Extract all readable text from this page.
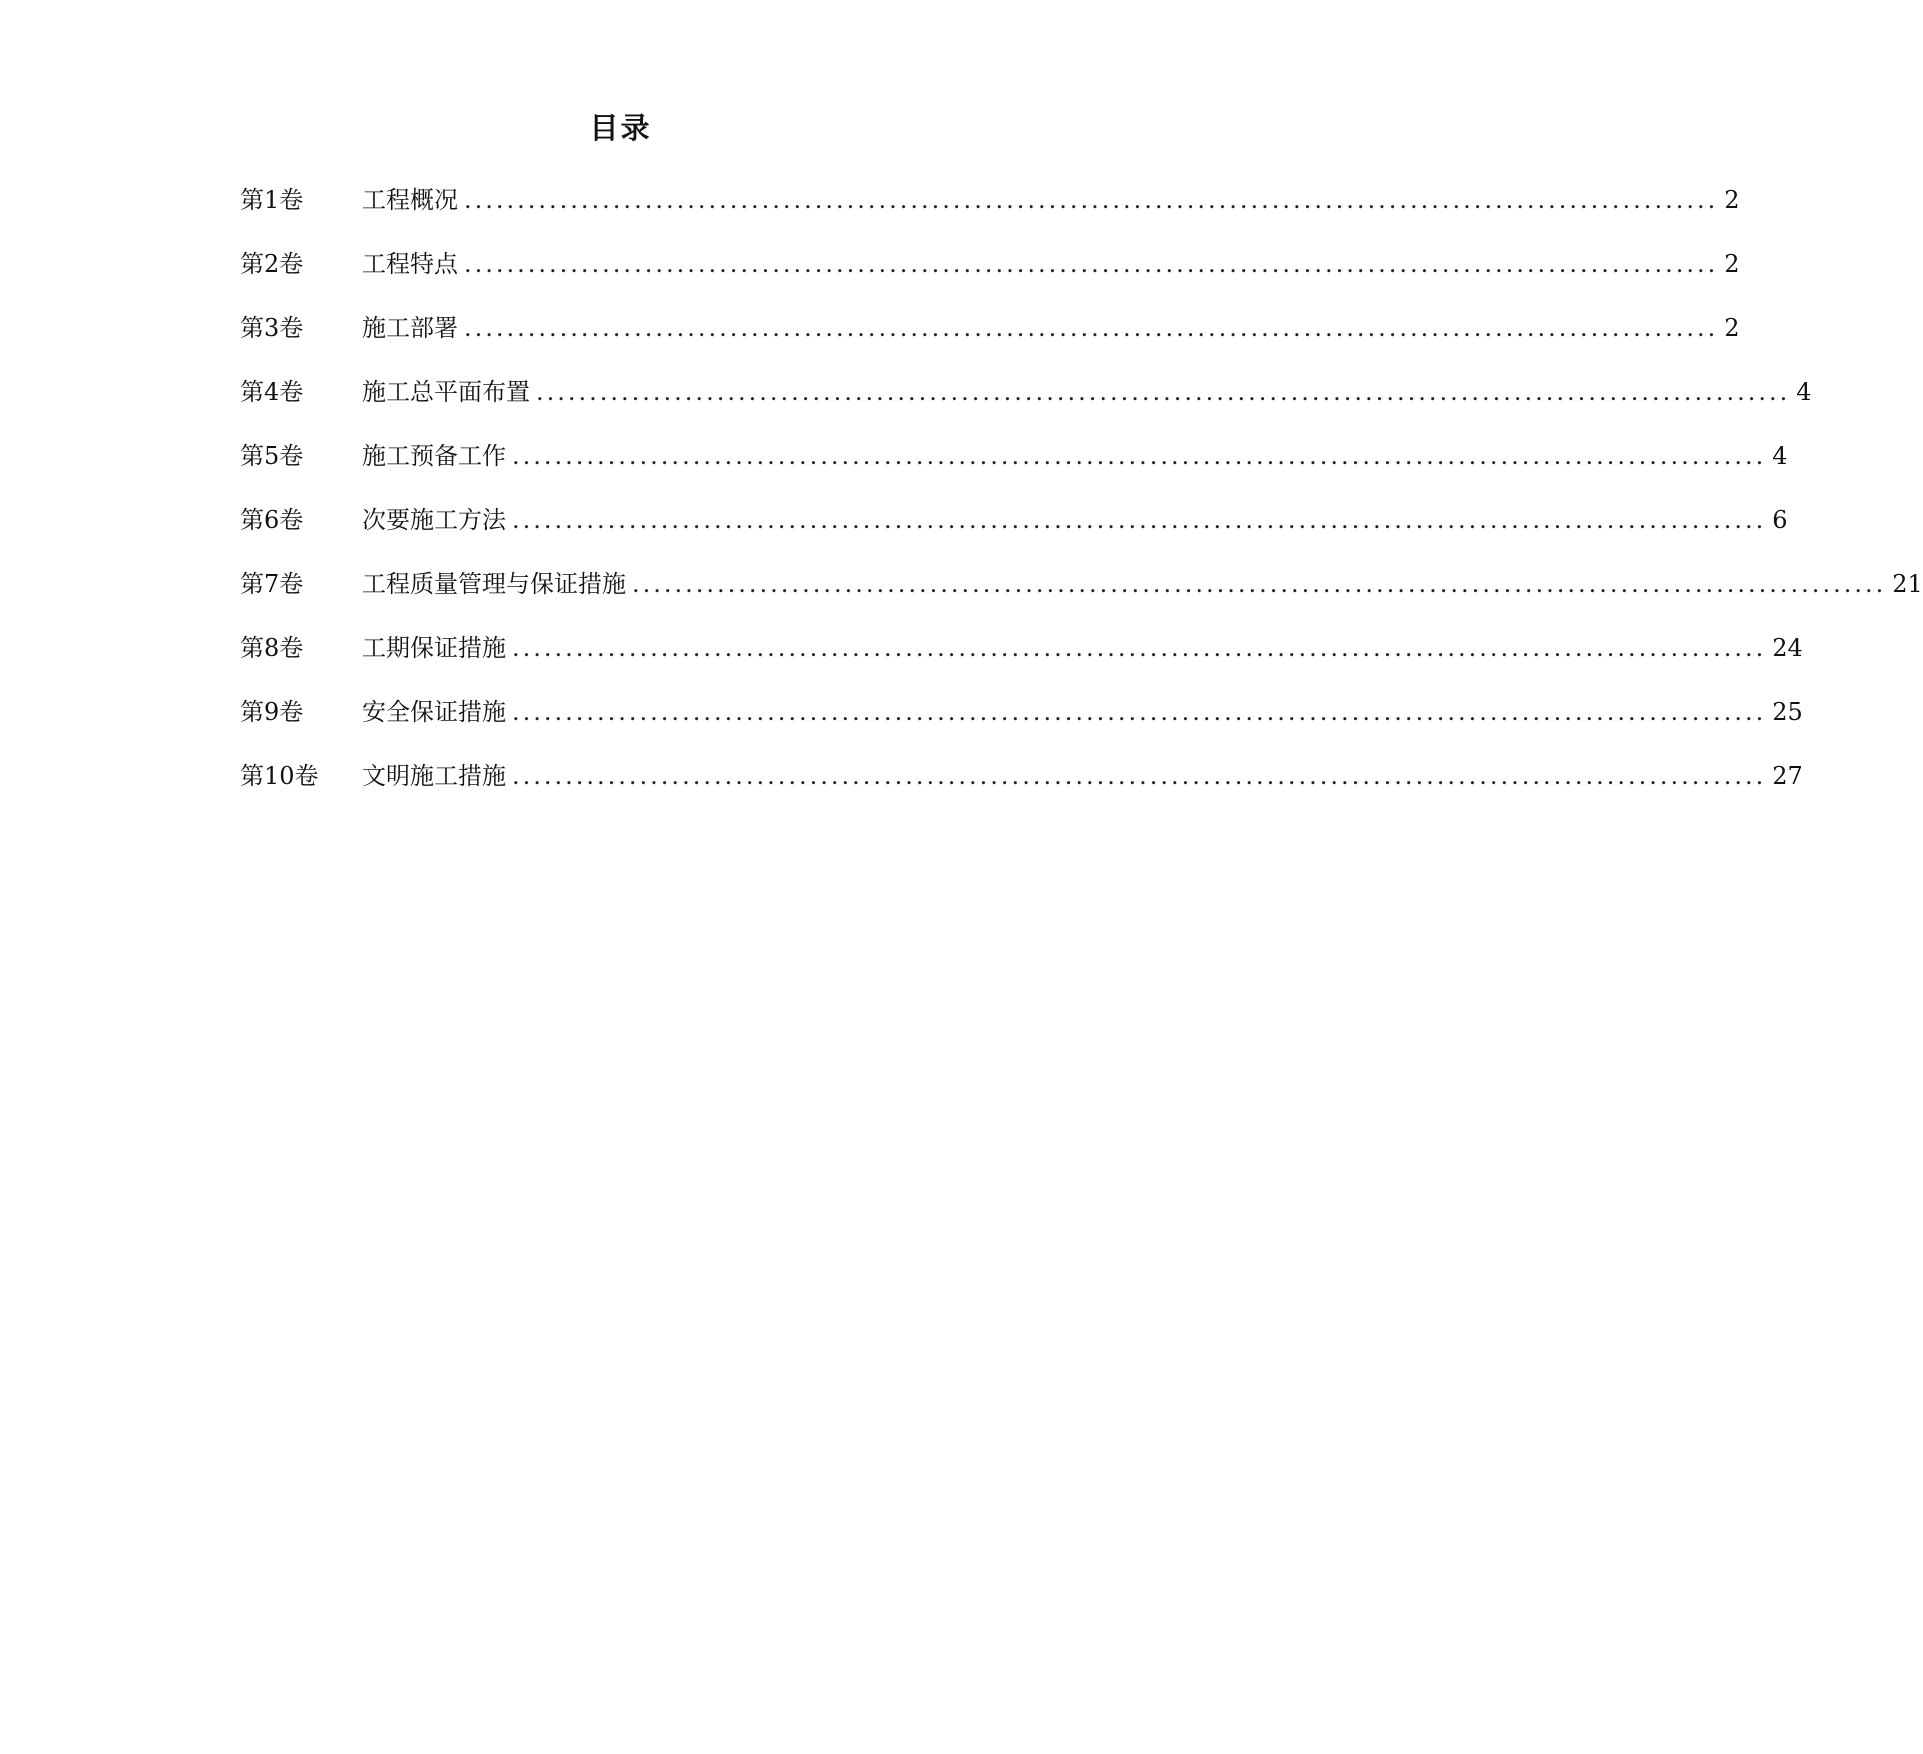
目录
第1卷	工程概况 ...................................................................................................................... 2
第2卷	工程特点 ...................................................................................................................... 2
第3卷	施工部署 ...................................................................................................................... 2
第4卷	施工总平面布置 ...................................................................................................................... 4
第5卷	施工预备工作 ...................................................................................................................... 4
第6卷	次要施工方法 ...................................................................................................................... 6
第7卷	工程质量管理与保证措施 ...................................................................................................................... 21
第8卷	工期保证措施 ...................................................................................................................... 24
第9卷	安全保证措施 ...................................................................................................................... 25
第10卷	文明施工措施 ...................................................................................................................... 27
